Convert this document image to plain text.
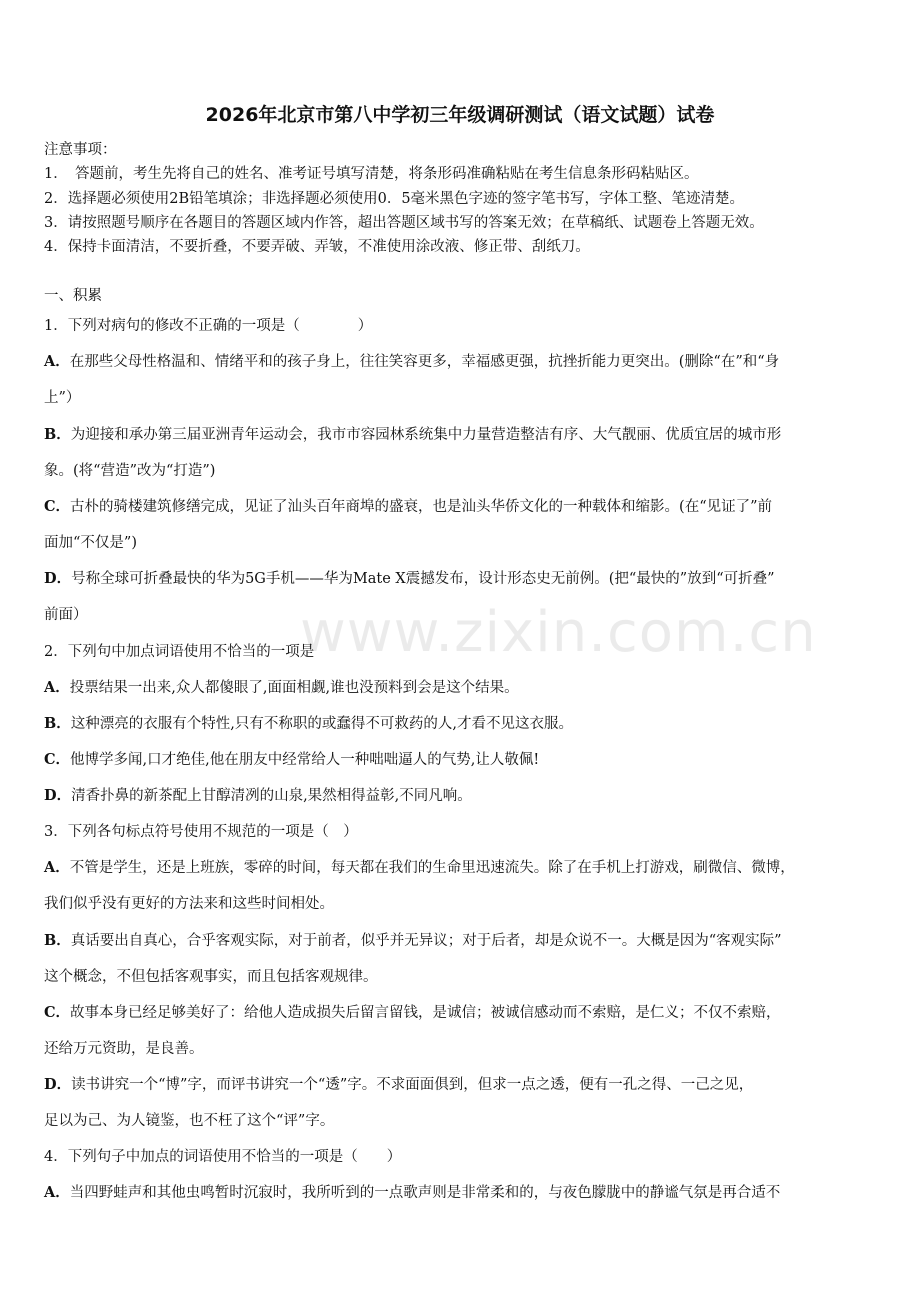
www.zixin.com.cn
2026年北京市第八中学初三年级调研测试（语文试题）试卷
注意事项：
1．　答题前，考生先将自己的姓名、准考证号填写清楚，将条形码准确粘贴在考生信息条形码粘贴区。
2．选择题必须使用2B铅笔填涂；非选择题必须使用0．5毫米黑色字迹的签字笔书写，字体工整、笔迹清楚。
3．请按照题号顺序在各题目的答题区域内作答，超出答题区域书写的答案无效；在草稿纸、试题卷上答题无效。
4．保持卡面清洁，不要折叠，不要弄破、弄皱，不准使用涂改液、修正带、刮纸刀。
一、积累
1．下列对病句的修改不正确的一项是（　　　　）
A．在那些父母性格温和、情绪平和的孩子身上，往往笑容更多，幸福感更强，抗挫折能力更突出。(删除“在”和“身
上”）
B．为迎接和承办第三届亚洲青年运动会，我市市容园林系统集中力量营造整洁有序、大气靓丽、优质宜居的城市形
象。(将“营造”改为“打造”)
C．古朴的骑楼建筑修缮完成，见证了汕头百年商埠的盛衰，也是汕头华侨文化的一种载体和缩影。(在“见证了”前
面加“不仅是”)
D．号称全球可折叠最快的华为5G手机——华为Mate X震撼发布，设计形态史无前例。(把“最快的”放到“可折叠”
前面）
2．下列句中加点词语使用不恰当的一项是
A．投票结果一出来,众人都傻眼了,面面相觑,谁也没预料到会是这个结果。
B．这种漂亮的衣服有个特性,只有不称职的或蠢得不可救药的人,才看不见这衣服。
C．他博学多闻,口才绝佳,他在朋友中经常给人一种咄咄逼人的气势,让人敬佩!
D．清香扑鼻的新茶配上甘醇清冽的山泉,果然相得益彰,不同凡响。
3．下列各句标点符号使用不规范的一项是（　）
A．不管是学生，还是上班族，零碎的时间，每天都在我们的生命里迅速流失。除了在手机上打游戏，刷微信、微博，
我们似乎没有更好的方法来和这些时间相处。
B．真话要出自真心，合乎客观实际，对于前者，似乎并无异议；对于后者，却是众说不一。大概是因为“客观实际”
这个概念，不但包括客观事实，而且包括客观规律。
C．故事本身已经足够美好了：给他人造成损失后留言留钱，是诚信；被诚信感动而不索赔，是仁义；不仅不索赔，
还给万元资助，是良善。
D．读书讲究一个“博”字，而评书讲究一个“透”字。不求面面俱到，但求一点之透，便有一孔之得、一己之见，
足以为己、为人镜鉴，也不枉了这个“评”字。
4．下列句子中加点的词语使用不恰当的一项是（　　）
A．当四野蛙声和其他虫鸣暂时沉寂时，我所听到的一点歌声则是非常柔和的，与夜色朦胧中的静谧气氛是再合适不
